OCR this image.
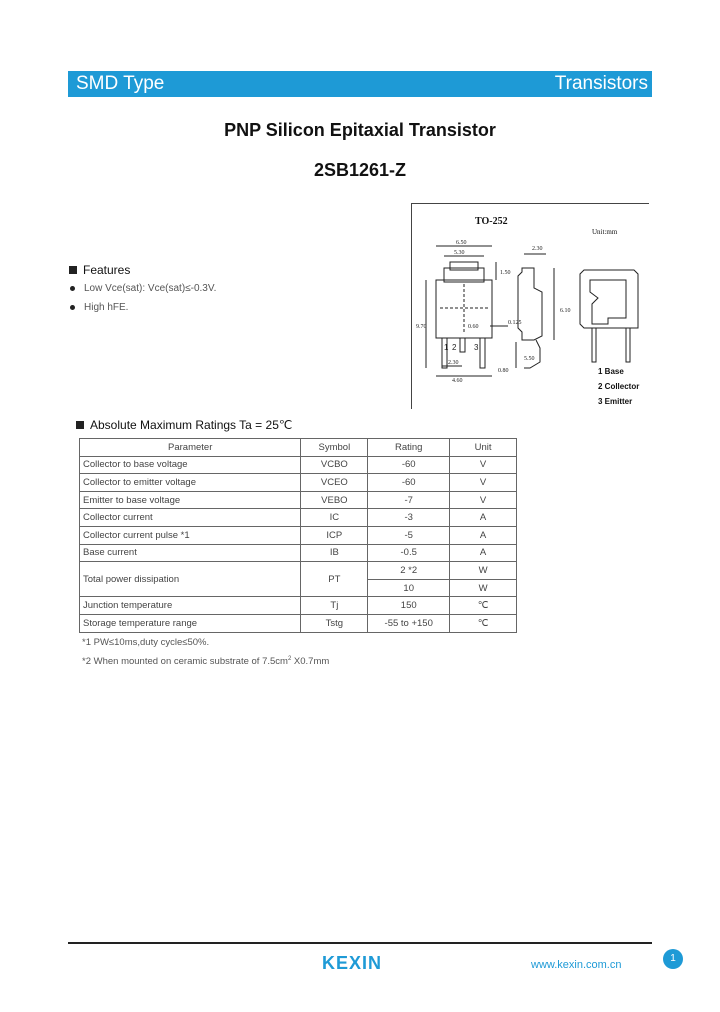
SMD Type	Transistors
PNP Silicon Epitaxial Transistor
2SB1261-Z
TO-252
Unit:mm
6.50
5.30
2.30
1.50
0.125
9.70
6.10
5.50
2.30
0.80
4.60
0.60
1 2 3
1 Base
2 Collector
3 Emitter
Features
Low Vce(sat): Vce(sat)≤-0.3V.
High hFE.
Absolute Maximum Ratings Ta = 25℃
Parameter	Symbol	Rating	Unit
Collector to base voltage	VCBO	-60	V
Collector to emitter voltage	VCEO	-60	V
Emitter to base voltage	VEBO	-7	V
Collector current	IC	-3	A
Collector current pulse *1	ICP	-5	A
Base current	IB	-0.5	A
Total power dissipation	PT	2 *2	W
		10	W
Junction temperature	Tj	150	℃
Storage temperature range	Tstg	-55 to +150	℃
*1 PW≤10ms,duty cycle≤50%.
*2 When mounted on ceramic substrate of $7.5cm^2$ X0.7mm
KEXIN	www.kexin.com.cn
1
